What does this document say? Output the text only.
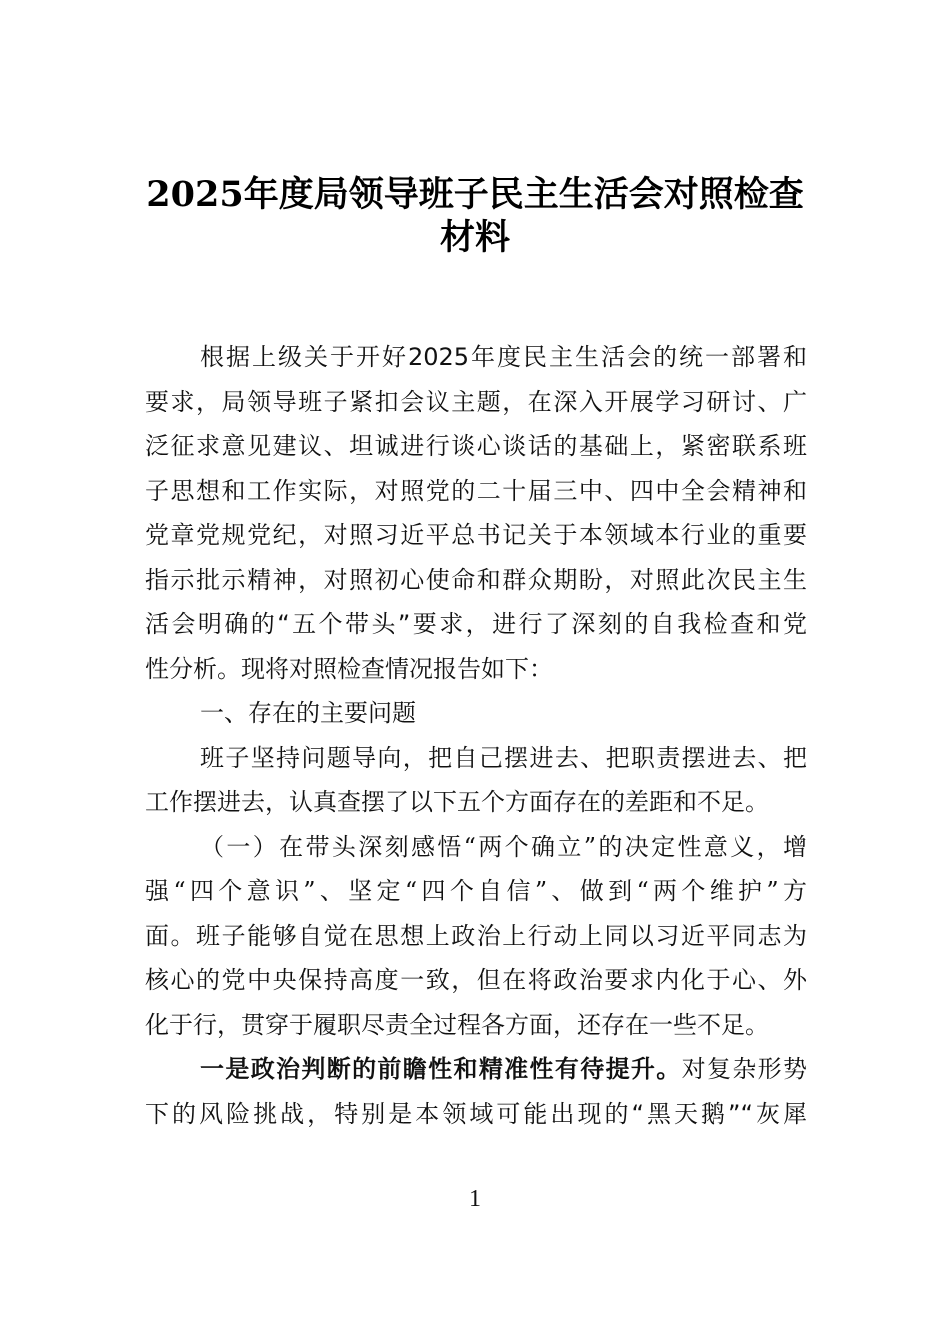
2025年度局领导班子民主生活会对照检查
材料
根据上级关于开好2025年度民主生活会的统一部署和
要求，局领导班子紧扣会议主题，在深入开展学习研讨、广
泛征求意见建议、坦诚进行谈心谈话的基础上，紧密联系班
子思想和工作实际，对照党的二十届三中、四中全会精神和
党章党规党纪，对照习近平总书记关于本领域本行业的重要
指示批示精神，对照初心使命和群众期盼，对照此次民主生
活会明确的“五个带头”要求，进行了深刻的自我检查和党
性分析。现将对照检查情况报告如下：
一、存在的主要问题
班子坚持问题导向，把自己摆进去、把职责摆进去、把
工作摆进去，认真查摆了以下五个方面存在的差距和不足。
（一）在带头深刻感悟“两个确立”的决定性意义，增
强“四个意识”、坚定“四个自信”、做到“两个维护”方
面。班子能够自觉在思想上政治上行动上同以习近平同志为
核心的党中央保持高度一致，但在将政治要求内化于心、外
化于行，贯穿于履职尽责全过程各方面，还存在一些不足。
一是政治判断的前瞻性和精准性有待提升。对复杂形势
下的风险挑战，特别是本领域可能出现的“黑天鹅”“灰犀
1
